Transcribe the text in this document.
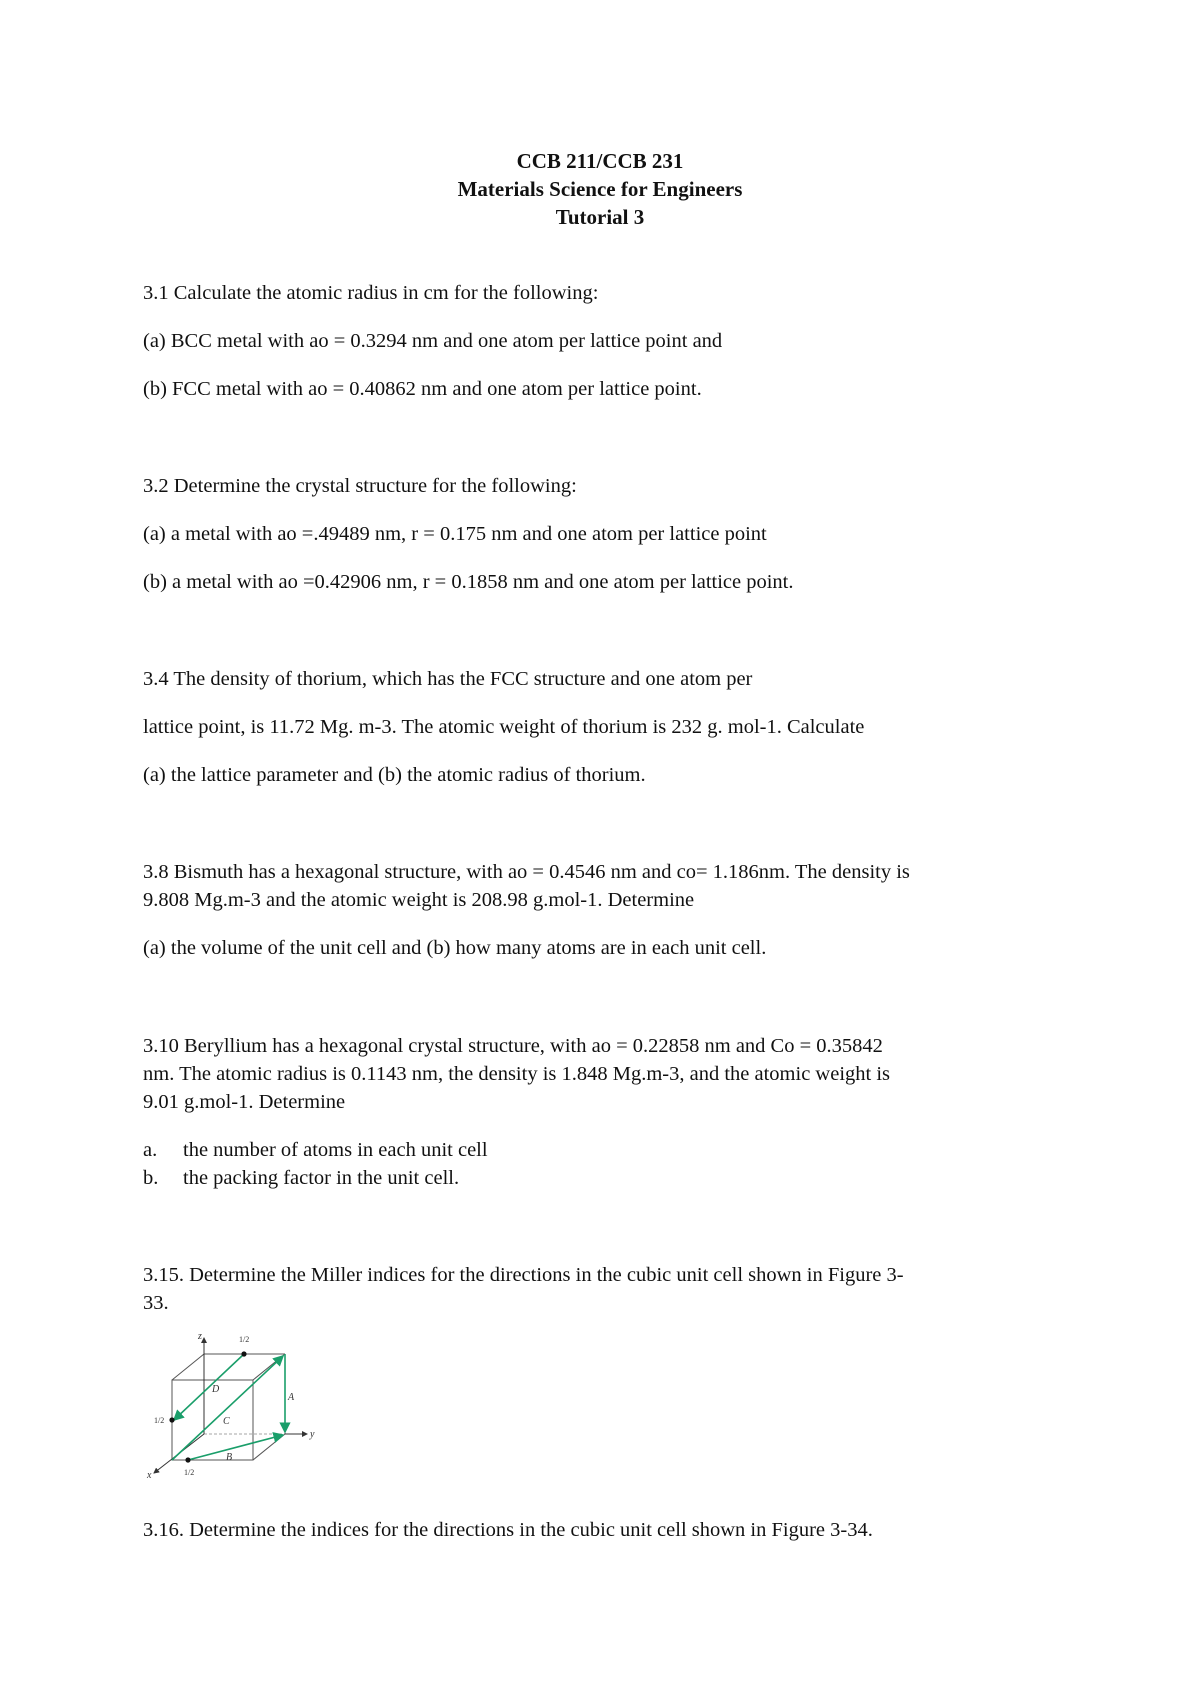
CCB 211/CCB 231
Materials Science for Engineers
Tutorial 3
3.1 Calculate the atomic radius in cm for the following:
(a) BCC metal with ao = 0.3294 nm and one atom per lattice point and
(b) FCC metal with ao = 0.40862 nm and one atom per lattice point.
3.2 Determine the crystal structure for the following:
(a) a metal with ao =.49489 nm, r = 0.175 nm and one atom per lattice point
(b) a metal with ao =0.42906 nm, r = 0.1858 nm and one atom per lattice point.
3.4 The density of thorium, which has the FCC structure and one atom per
lattice point, is 11.72 Mg. m-3. The atomic weight of thorium is 232 g. mol-1. Calculate
(a) the lattice parameter and (b) the atomic radius of thorium.
3.8 Bismuth has a hexagonal structure, with ao = 0.4546 nm and co= 1.186nm. The density is
9.808 Mg.m-3 and the atomic weight is 208.98 g.mol-1. Determine
(a) the volume of the unit cell and (b) how many atoms are in each unit cell.
3.10 Beryllium has a hexagonal crystal structure, with ao = 0.22858 nm and Co = 0.35842
nm. The atomic radius is 0.1143 nm, the density is 1.848 Mg.m-3, and the atomic weight is
9.01 g.mol-1. Determine
a. the number of atoms in each unit cell
b. the packing factor in the unit cell.
3.15. Determine the Miller indices for the directions in the cubic unit cell shown in Figure 3-
33.
z
y
x
A
B
C
D
1/2
1/2
1/2
3.16. Determine the indices for the directions in the cubic unit cell shown in Figure 3-34.
